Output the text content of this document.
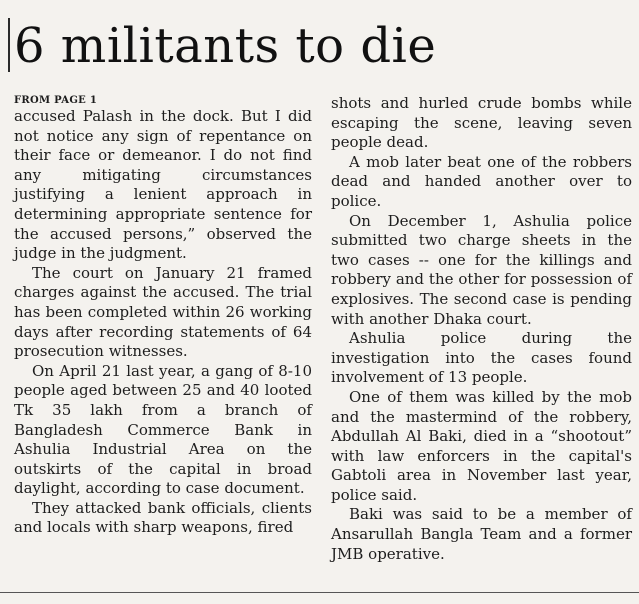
6 militants to die
FROM PAGE 1

accused Palash in the dock. But I did not notice any sign of repentance on their face or demeanor. I do not find any mitigating circumstances justifying a lenient approach in determining appropriate sentence for the accused persons,” observed the judge in the judgment.

The court on January 21 framed charges against the accused. The trial has been completed within 26 working days after recording statements of 64 prosecution witnesses.

On April 21 last year, a gang of 8-10 people aged between 25 and 40 looted Tk 35 lakh from a branch of Bangladesh Commerce Bank in Ashulia Industrial Area on the outskirts of the capital in broad daylight, according to case document.

They attacked bank officials, clients and locals with sharp weapons, fired

shots and hurled crude bombs while escaping the scene, leaving seven people dead.

A mob later beat one of the robbers dead and handed another over to police.

On December 1, Ashulia police submitted two charge sheets in the two cases -- one for the killings and robbery and the other for possession of explosives. The second case is pending with another Dhaka court.

Ashulia police during the investigation into the cases found involvement of 13 people.

One of them was killed by the mob and the mastermind of the robbery, Abdullah Al Baki, died in a “shootout” with law enforcers in the capital's Gabtoli area in November last year, police said.

Baki was said to be a member of Ansarullah Bangla Team and a former JMB operative.
